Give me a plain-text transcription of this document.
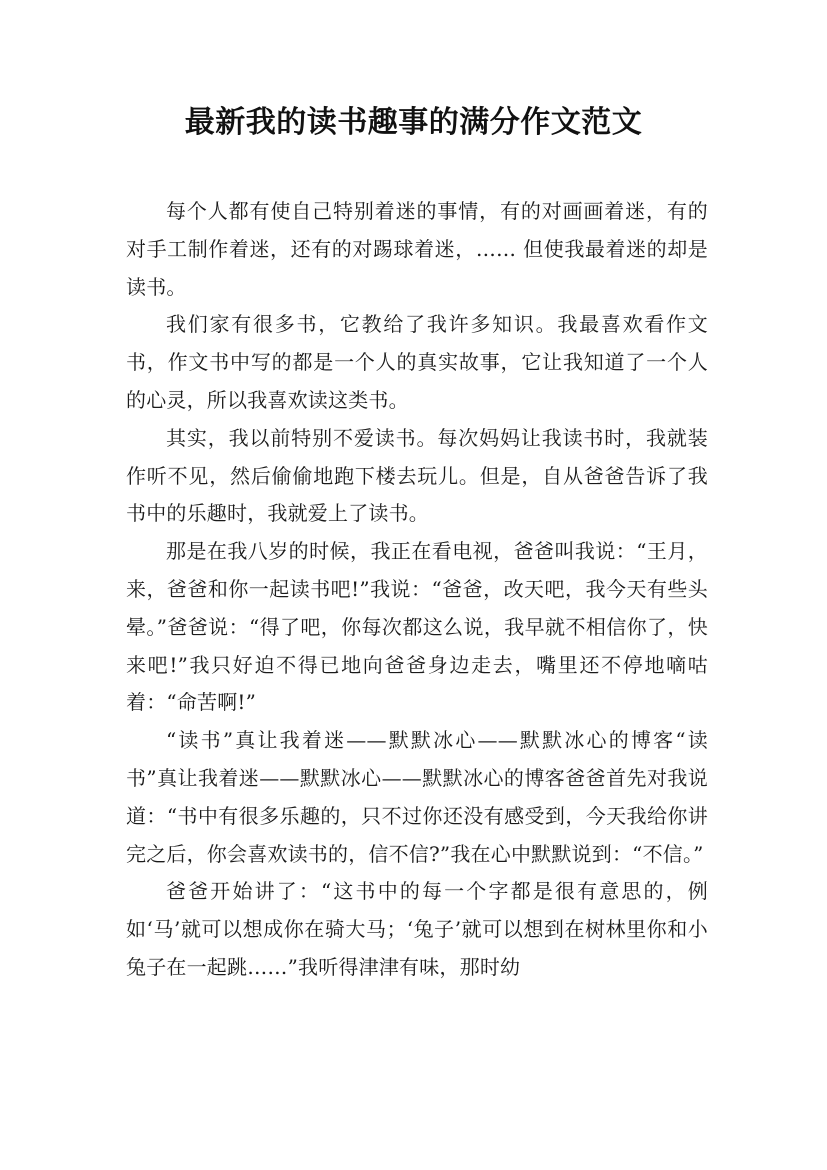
最新我的读书趣事的满分作文范文

每个人都有使自己特别着迷的事情，有的对画画着迷，有的对手工制作着迷，还有的对踢球着迷，…… 但使我最着迷的却是读书。

我们家有很多书，它教给了我许多知识。我最喜欢看作文书，作文书中写的都是一个人的真实故事，它让我知道了一个人的心灵，所以我喜欢读这类书。

其实，我以前特别不爱读书。每次妈妈让我读书时，我就装作听不见，然后偷偷地跑下楼去玩儿。但是，自从爸爸告诉了我书中的乐趣时，我就爱上了读书。

那是在我八岁的时候，我正在看电视，爸爸叫我说：“王月，来，爸爸和你一起读书吧!”我说：“爸爸，改天吧，我今天有些头晕。”爸爸说：“得了吧，你每次都这么说，我早就不相信你了，快来吧!”我只好迫不得已地向爸爸身边走去，嘴里还不停地嘀咕着：“命苦啊!”

“读书”真让我着迷——默默冰心——默默冰心的博客“读书”真让我着迷——默默冰心——默默冰心的博客爸爸首先对我说道：“书中有很多乐趣的，只不过你还没有感受到，今天我给你讲完之后，你会喜欢读书的，信不信?”我在心中默默说到：“不信。”

爸爸开始讲了：“这书中的每一个字都是很有意思的，例如‘马’就可以想成你在骑大马；‘兔子’就可以想到在树林里你和小兔子在一起跳……”我听得津津有味，那时幼
